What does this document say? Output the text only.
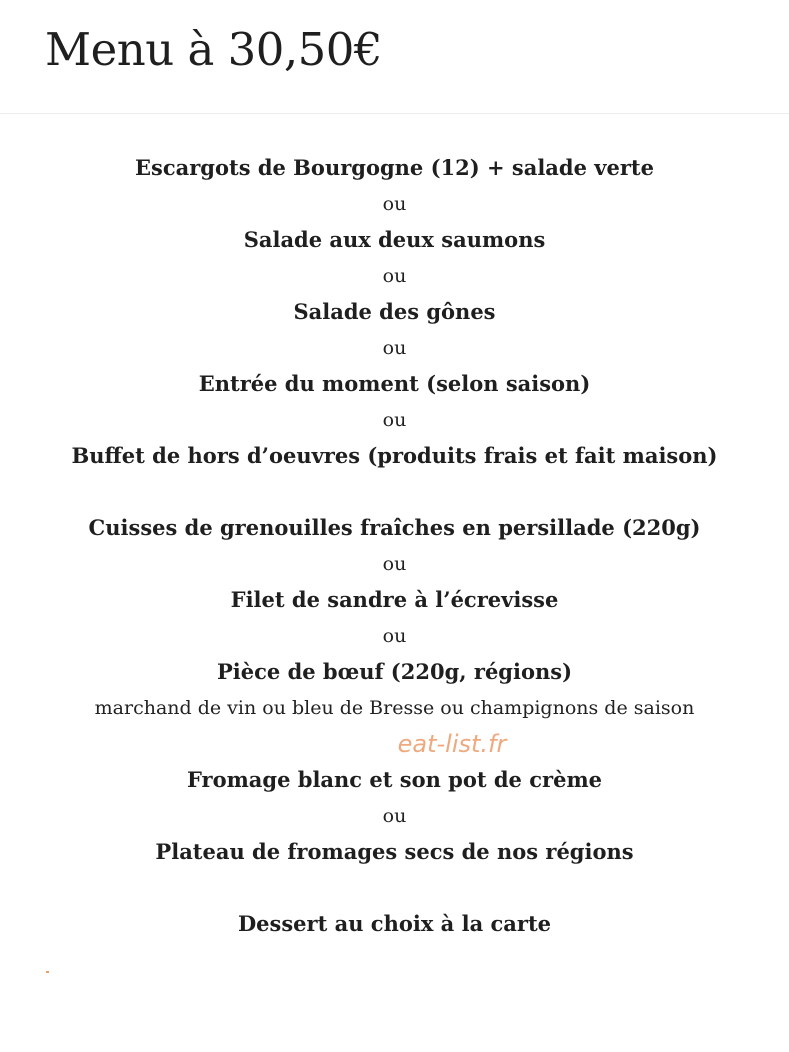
Menu à 30,50€
Escargots de Bourgogne (12) + salade verte
ou
Salade aux deux saumons
ou
Salade des gônes
ou
Entrée du moment (selon saison)
ou
Buffet de hors d’oeuvres (produits frais et fait maison)
Cuisses de grenouilles fraîches en persillade (220g)
ou
Filet de sandre à l’écrevisse
ou
Pièce de bœuf (220g, régions)
marchand de vin ou bleu de Bresse ou champignons de saison
eat-list.fr
Fromage blanc et son pot de crème
ou
Plateau de fromages secs de nos régions
Dessert au choix à la carte
